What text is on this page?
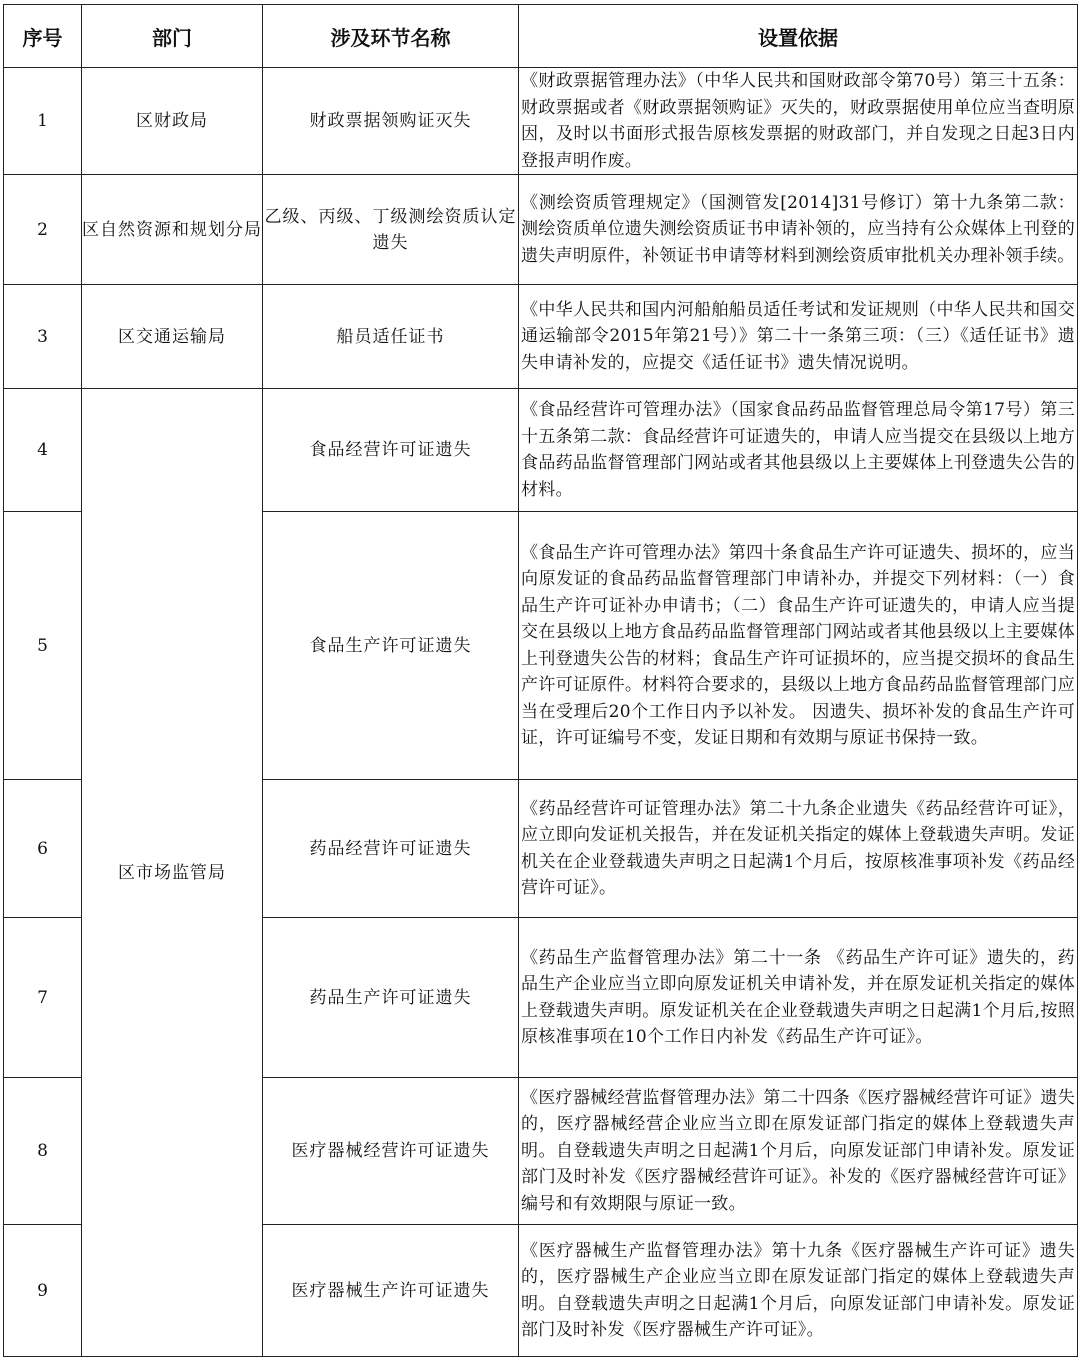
序号	部门	涉及环节名称	设置依据
1	区财政局	财政票据领购证灭失	《财政票据管理办法》（中华人民共和国财政部令第70号）第三十五条：财政票据或者《财政票据领购证》灭失的，财政票据使用单位应当查明原因，及时以书面形式报告原核发票据的财政部门，并自发现之日起3日内登报声明作废。
2	区自然资源和规划分局	乙级、丙级、丁级测绘资质认定遗失	《测绘资质管理规定》（国测管发[2014]31号修订）第十九条第二款：测绘资质单位遗失测绘资质证书申请补领的，应当持有公众媒体上刊登的遗失声明原件，补领证书申请等材料到测绘资质审批机关办理补领手续。
3	区交通运输局	船员适任证书	《中华人民共和国内河船舶船员适任考试和发证规则（中华人民共和国交通运输部令2015年第21号）》第二十一条第三项：（三）《适任证书》遗失申请补发的，应提交《适任证书》遗失情况说明。
4	区市场监管局	食品经营许可证遗失	《食品经营许可管理办法》（国家食品药品监督管理总局令第17号）第三十五条第二款：食品经营许可证遗失的，申请人应当提交在县级以上地方食品药品监督管理部门网站或者其他县级以上主要媒体上刊登遗失公告的材料。
5		食品生产许可证遗失	《食品生产许可管理办法》第四十条食品生产许可证遗失、损坏的，应当向原发证的食品药品监督管理部门申请补办，并提交下列材料：（一）食品生产许可证补办申请书；（二）食品生产许可证遗失的，申请人应当提交在县级以上地方食品药品监督管理部门网站或者其他县级以上主要媒体上刊登遗失公告的材料；食品生产许可证损坏的，应当提交损坏的食品生产许可证原件。材料符合要求的，县级以上地方食品药品监督管理部门应当在受理后20个工作日内予以补发。 因遗失、损坏补发的食品生产许可证，许可证编号不变，发证日期和有效期与原证书保持一致。
6		药品经营许可证遗失	《药品经营许可证管理办法》第二十九条企业遗失《药品经营许可证》，应立即向发证机关报告，并在发证机关指定的媒体上登载遗失声明。发证机关在企业登载遗失声明之日起满1个月后，按原核准事项补发《药品经营许可证》。
7		药品生产许可证遗失	《药品生产监督管理办法》第二十一条 《药品生产许可证》遗失的，药品生产企业应当立即向原发证机关申请补发，并在原发证机关指定的媒体上登载遗失声明。原发证机关在企业登载遗失声明之日起满1个月后,按照原核准事项在10个工作日内补发《药品生产许可证》。
8		医疗器械经营许可证遗失	《医疗器械经营监督管理办法》第二十四条《医疗器械经营许可证》遗失的，医疗器械经营企业应当立即在原发证部门指定的媒体上登载遗失声明。自登载遗失声明之日起满1个月后，向原发证部门申请补发。原发证部门及时补发《医疗器械经营许可证》。补发的《医疗器械经营许可证》编号和有效期限与原证一致。
9		医疗器械生产许可证遗失	《医疗器械生产监督管理办法》第十九条《医疗器械生产许可证》遗失的，医疗器械生产企业应当立即在原发证部门指定的媒体上登载遗失声明。自登载遗失声明之日起满1个月后，向原发证部门申请补发。原发证部门及时补发《医疗器械生产许可证》。
